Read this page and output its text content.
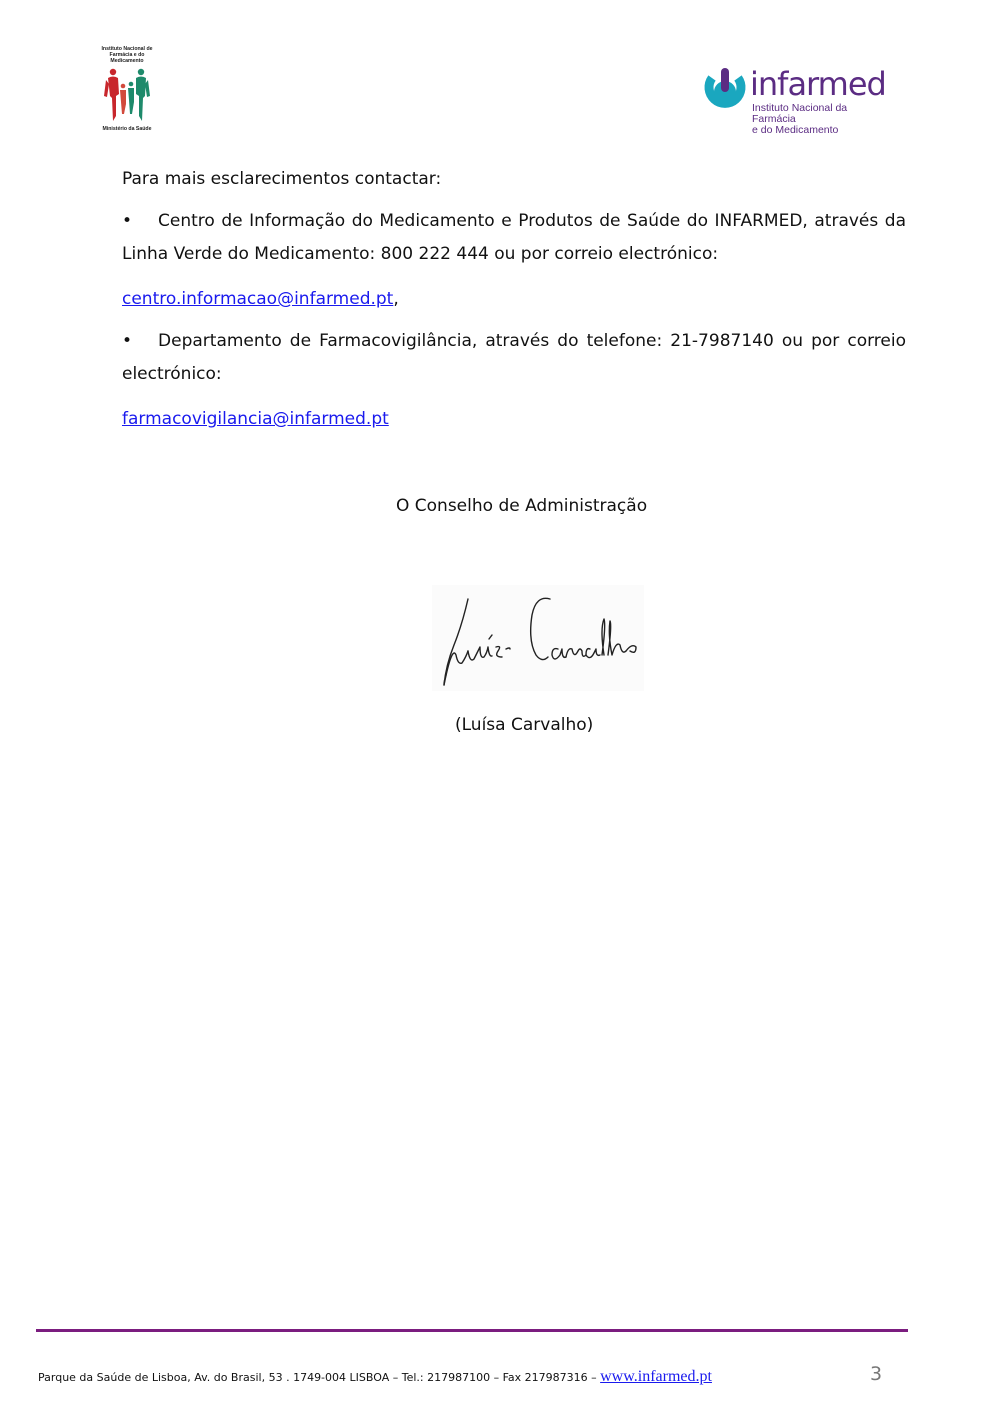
Instituto Nacional de Farmácia e do Medicamento
Ministério da Saúde
infarmed
Instituto Nacional da Farmácia
e do Medicamento

Para mais esclarecimentos contactar:

• Centro de Informação do Medicamento e Produtos de Saúde do INFARMED, através da Linha Verde do Medicamento: 800 222 444 ou por correio electrónico:

centro.informacao@infarmed.pt,

• Departamento de Farmacovigilância, através do telefone: 21-7987140 ou por correio electrónico:

farmacovigilancia@infarmed.pt

O Conselho de Administração
(Luísa Carvalho)
Parque da Saúde de Lisboa, Av. do Brasil, 53 . 1749-004 LISBOA – Tel.: 217987100 – Fax 217987316 – www.infarmed.pt	3
